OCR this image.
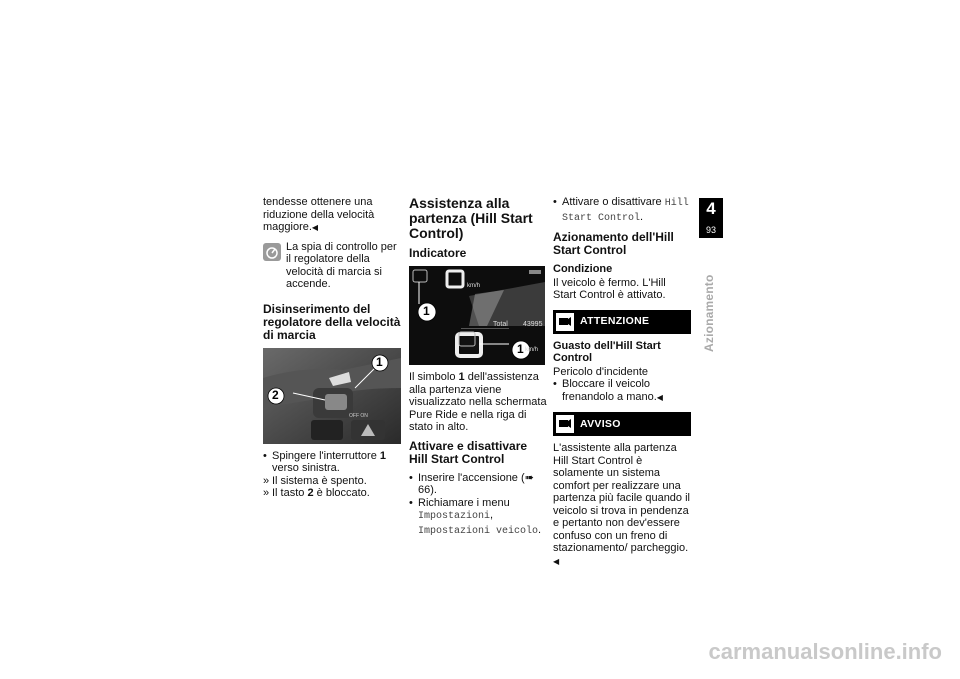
tendesse ottenere una riduzione della velocità maggiore.◀

La spia di controllo per il regolatore della velocità di marcia si accende.

Disinserimento del regolatore della velocità di marcia
1
2
OFF ON
• Spingere l'interruttore 1 verso sinistra.
» Il sistema è spento.
» Il tasto 2 è bloccato.
Assistenza alla partenza (Hill Start Control)
Indicatore
km/h
Total 43995
km/h
1
1

Il simbolo 1 dell'assistenza alla partenza viene visualizzato nella schermata Pure Ride e nella riga di stato in alto.

Attivare e disattivare Hill Start Control
• Inserire l'accensione (➠ 66).
• Richiamare i menu Impostazioni, Impostazioni veicolo.
• Attivare o disattivare Hill Start Control.
Azionamento dell'Hill Start Control
Condizione

Il veicolo è fermo. L'Hill Start Control è attivato.

ATTENZIONE
Guasto dell'Hill Start Control

Pericolo d'incidente

• Bloccare il veicolo frenandolo a mano.◀
AVVISO

L'assistente alla partenza Hill Start Control è solamente un sistema comfort per realizzare una partenza più facile quando il veicolo si trova in pendenza e pertanto non dev'essere confuso con un freno di stazionamento/ parcheggio.◀

4
93
Azionamento
carmanualsonline.info
